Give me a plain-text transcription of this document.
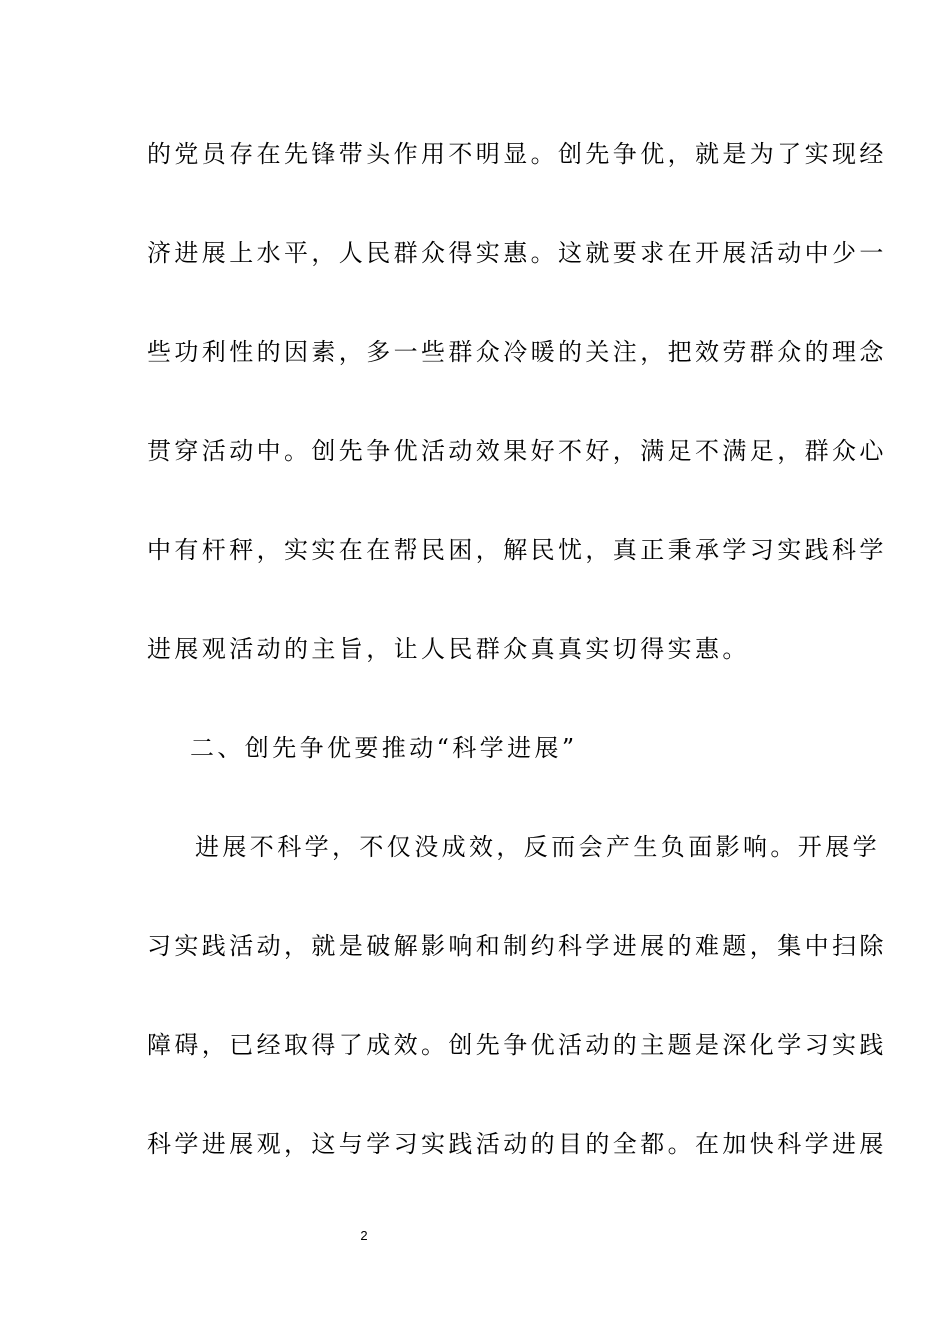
的党员存在先锋带头作用不明显。创先争优，就是为了实现经
济进展上水平，人民群众得实惠。这就要求在开展活动中少一
些功利性的因素，多一些群众冷暖的关注，把效劳群众的理念
贯穿活动中。创先争优活动效果好不好，满足不满足，群众心
中有杆秤，实实在在帮民困，解民忧，真正秉承学习实践科学
进展观活动的主旨，让人民群众真真实切得实惠。
二、创先争优要推动“科学进展”
进展不科学，不仅没成效，反而会产生负面影响。开展学
习实践活动，就是破解影响和制约科学进展的难题，集中扫除
障碍，已经取得了成效。创先争优活动的主题是深化学习实践
科学进展观，这与学习实践活动的目的全都。在加快科学进展
2
